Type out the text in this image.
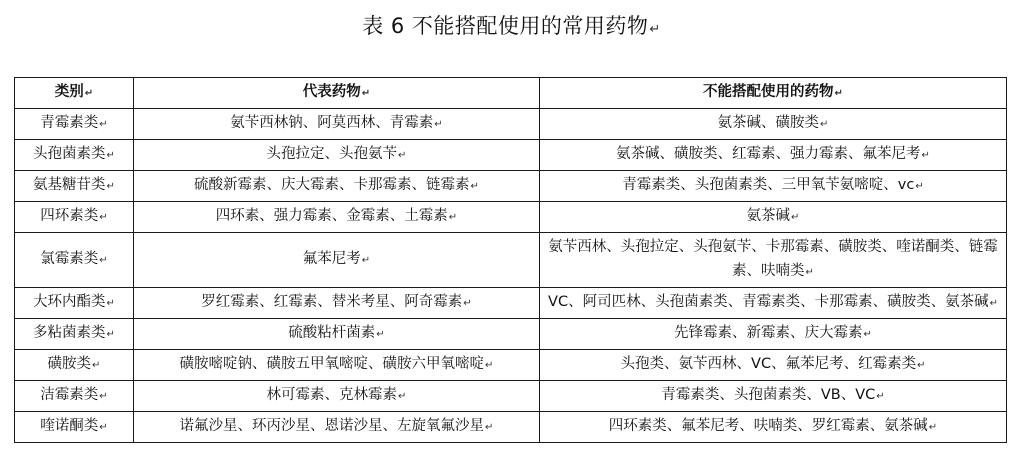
表 6 不能搭配使用的常用药物↵
类别↵	代表药物↵	不能搭配使用的药物↵
青霉素类↵	氨苄西林钠、阿莫西林、青霉素↵	氨茶碱、磺胺类↵
头孢菌素类↵	头孢拉定、头孢氨苄↵	氨茶碱、磺胺类、红霉素、强力霉素、氟苯尼考↵
氨基糖苷类↵	硫酸新霉素、庆大霉素、卡那霉素、链霉素↵	青霉素类、头孢菌素类、三甲氧苄氨嘧啶、vc↵
四环素类↵	四环素、强力霉素、金霉素、土霉素↵	氨茶碱↵
氯霉素类↵	氟苯尼考↵	氨苄西林、头孢拉定、头孢氨苄、卡那霉素、磺胺类、喹诺酮类、链霉素、呋喃类↵
大环内酯类↵	罗红霉素、红霉素、替米考星、阿奇霉素↵	VC、阿司匹林、头孢菌素类、青霉素类、卡那霉素、磺胺类、氨茶碱↵
多粘菌素类↵	硫酸粘杆菌素↵	先锋霉素、新霉素、庆大霉素↵
磺胺类↵	磺胺嘧啶钠、磺胺五甲氧嘧啶、磺胺六甲氧嘧啶↵	头孢类、氨苄西林、VC、氟苯尼考、红霉素类↵
洁霉素类↵	林可霉素、克林霉素↵	青霉素类、头孢菌素类、VB、VC↵
喹诺酮类↵	诺氟沙星、环丙沙星、恩诺沙星、左旋氧氟沙星↵	四环素类、氟苯尼考、呋喃类、罗红霉素、氨茶碱↵
